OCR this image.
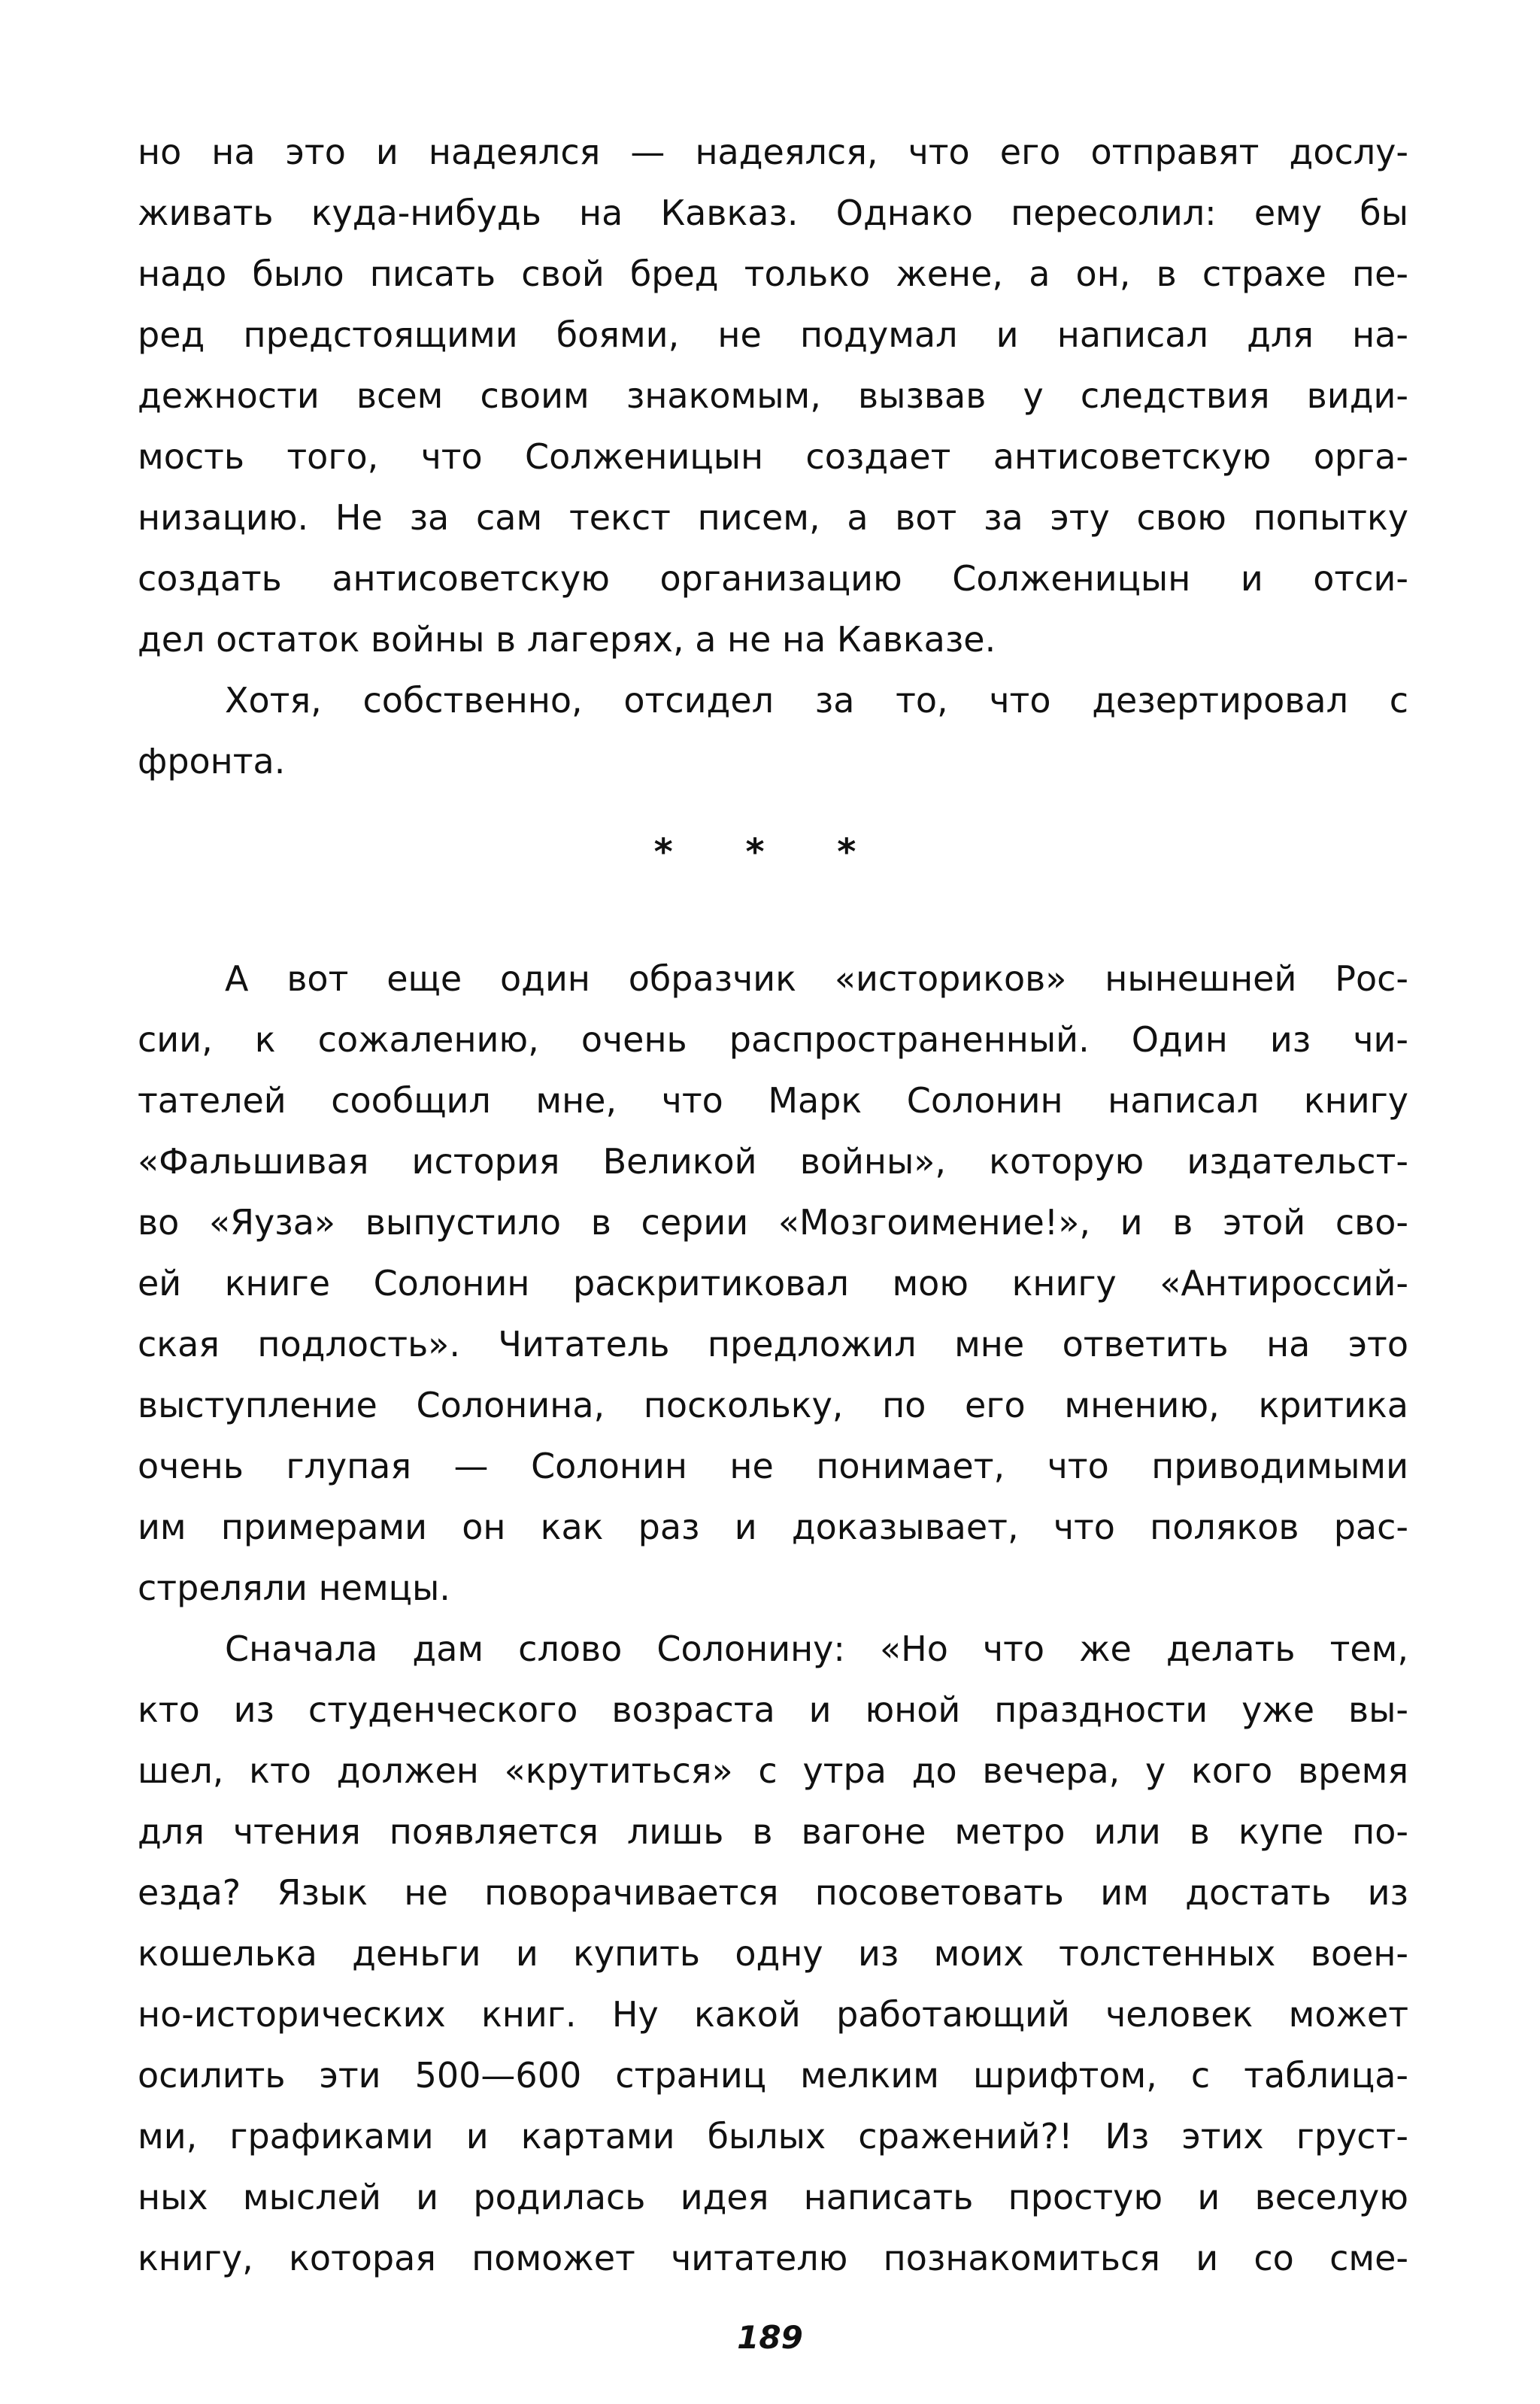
но на это и надеялся — надеялся, что его отправят дослу-
живать куда-нибудь на Кавказ. Однако пересолил: ему бы
надо было писать свой бред только жене, а он, в страхе пе-
ред предстоящими боями, не подумал и написал для на-
дежности всем своим знакомым, вызвав у следствия види-
мость того, что Солженицын создает антисоветскую орга-
низацию. Не за сам текст писем, а вот за эту свою попытку
создать антисоветскую организацию Солженицын и отси-
дел остаток войны в лагерях, а не на Кавказе.
Хотя, собственно, отсидел за то, что дезертировал с
фронта.
* * *
А вот еще один образчик «историков» нынешней Рос-
сии, к сожалению, очень распространенный. Один из чи-
тателей сообщил мне, что Марк Солонин написал книгу
«Фальшивая история Великой войны», которую издательст-
во «Яуза» выпустило в серии «Мозгоимение!», и в этой сво-
ей книге Солонин раскритиковал мою книгу «Антироссий-
ская подлость». Читатель предложил мне ответить на это
выступление Солонина, поскольку, по его мнению, критика
очень глупая — Солонин не понимает, что приводимыми
им примерами он как раз и доказывает, что поляков рас-
стреляли немцы.
Сначала дам слово Солонину: «Но что же делать тем,
кто из студенческого возраста и юной праздности уже вы-
шел, кто должен «крутиться» с утра до вечера, у кого время
для чтения появляется лишь в вагоне метро или в купе по-
езда? Язык не поворачивается посоветовать им достать из
кошелька деньги и купить одну из моих толстенных воен-
но-исторических книг. Ну какой работающий человек может
осилить эти 500—600 страниц мелким шрифтом, с таблица-
ми, графиками и картами былых сражений?! Из этих груст-
ных мыслей и родилась идея написать простую и веселую
книгу, которая поможет читателю познакомиться и со сме-
189
